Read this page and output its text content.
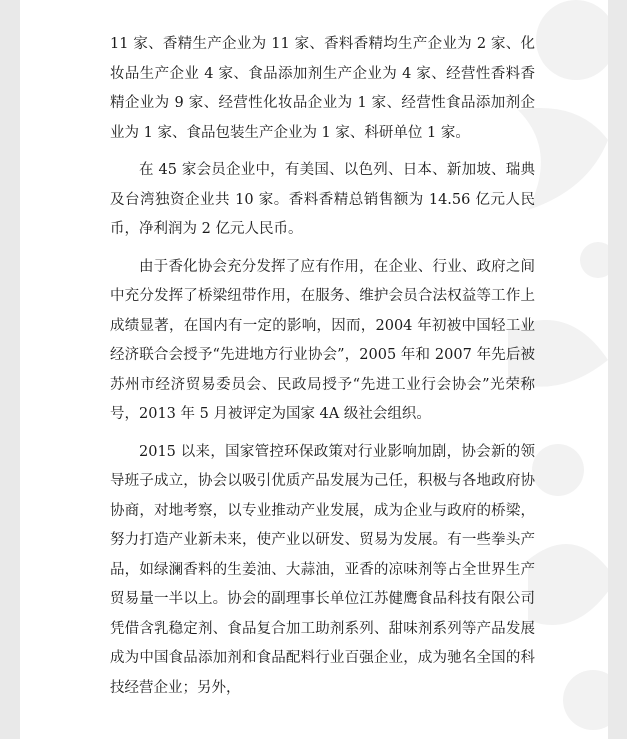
11 家、香精生产企业为 11 家、香料香精均生产企业为 2 家、化妆品生产企业 4 家、食品添加剂生产企业为 4 家、经营性香料香精企业为 9 家、经营性化妆品企业为 1 家、经营性食品添加剂企业为 1 家、食品包装生产企业为 1 家、科研单位 1 家。

在 45 家会员企业中，有美国、以色列、日本、新加坡、瑞典及台湾独资企业共 10 家。香料香精总销售额为 14.56 亿元人民币，净利润为 2 亿元人民币。

由于香化协会充分发挥了应有作用，在企业、行业、政府之间中充分发挥了桥梁纽带作用，在服务、维护会员合法权益等工作上成绩显著，在国内有一定的影响，因而，2004 年初被中国轻工业经济联合会授予“先进地方行业协会”，2005 年和 2007 年先后被苏州市经济贸易委员会、民政局授予“先进工业行会协会”光荣称号，2013 年 5 月被评定为国家 4A 级社会组织。

2015 以来，国家管控环保政策对行业影响加剧，协会新的领导班子成立，协会以吸引优质产品发展为己任，积极与各地政府协协商，对地考察，以专业推动产业发展，成为企业与政府的桥梁，努力打造产业新未来，使产业以研发、贸易为发展。有一些拳头产品，如绿澜香料的生姜油、大蒜油，亚香的凉味剂等占全世界生产贸易量一半以上。协会的副理事长单位江苏健鹰食品科技有限公司凭借含乳稳定剂、食品复合加工助剂系列、甜味剂系列等产品发展成为中国食品添加剂和食品配料行业百强企业，成为驰名全国的科技经营企业；另外，
